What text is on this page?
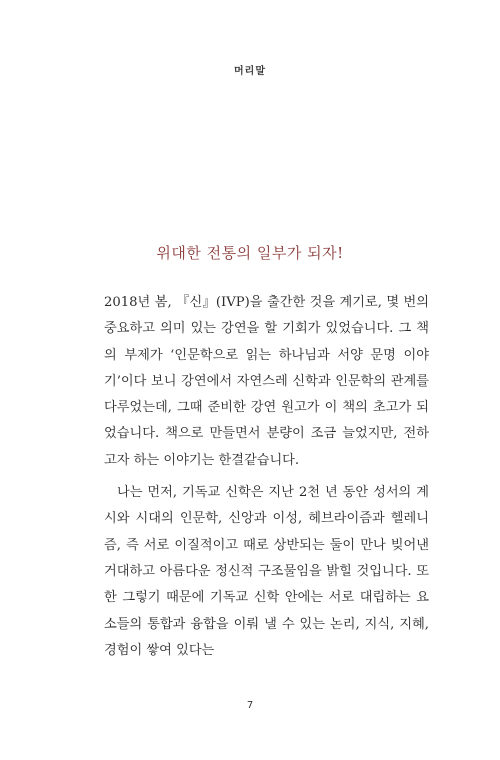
머리말
위대한 전통의 일부가 되자!

2018년 봄, 『신』(IVP)을 출간한 것을 계기로, 몇 번의 중요하고 의미 있는 강연을 할 기회가 있었습니다. 그 책의 부제가 ‘인문학으로 읽는 하나님과 서양 문명 이야기’이다 보니 강연에서 자연스레 신학과 인문학의 관계를 다루었는데, 그때 준비한 강연 원고가 이 책의 초고가 되었습니다. 책으로 만들면서 분량이 조금 늘었지만, 전하고자 하는 이야기는 한결같습니다.

나는 먼저, 기독교 신학은 지난 2천 년 동안 성서의 계시와 시대의 인문학, 신앙과 이성, 헤브라이즘과 헬레니즘, 즉 서로 이질적이고 때로 상반되는 둘이 만나 빚어낸 거대하고 아름다운 정신적 구조물임을 밝힐 것입니다. 또한 그렇기 때문에 기독교 신학 안에는 서로 대립하는 요소들의 통합과 융합을 이뤄 낼 수 있는 논리, 지식, 지혜, 경험이 쌓여 있다는

7
